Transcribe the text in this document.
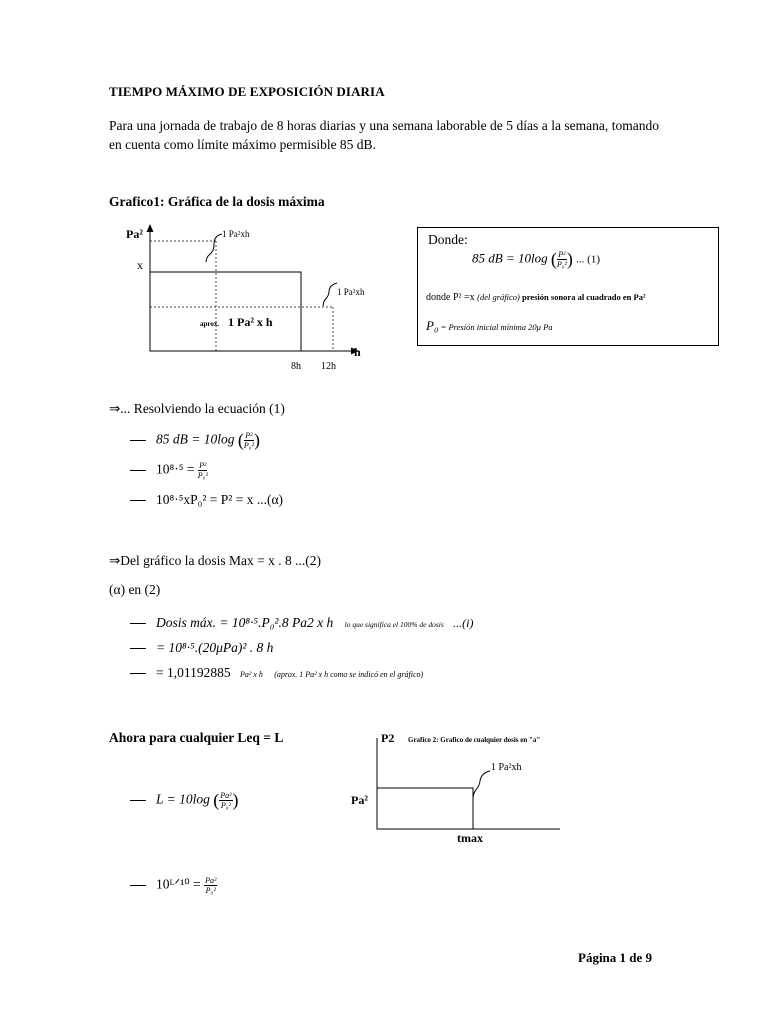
TIEMPO MÁXIMO DE EXPOSICIÓN DIARIA
Para una jornada de trabajo de 8 horas diarias y una semana laborable de 5 días a la semana, tomando en cuenta como límite máximo permisible 85 dB.
Grafico1: Gráfica de la dosis máxima
Pa²
x
1 Pa²xh
1 Pa²xh
aprox. 1 Pa² x h
8h 12h
h
Donde:
85 dB = 10log ( $\frac{\text{P²}}{\text{P₀²}}$ ) ... (1)
donde P² =x (del gráfico) presión sonora al cuadrado en Pa²
P₀ = Presión inicial mínima 20μ Pa
⇒... Resolviendo la ecuación (1)
85 dB = 10log ( $\frac{\text{P²}}{\text{P₀²}}$ )
$10^8\cdot^5 = \frac{\text{P²}}{\text{P₀²}}$
10⁸·⁵xP₀² = P² = x ...(α)
⇒Del gráfico la dosis Max = x . 8 ...(2)
(α) en (2)
Dosis máx. = 10⁸·⁵.P₀².8 Pa2 x h lo que significa el 100% de dosis ...(i)
= 10⁸·⁵.(20μPa)² . 8 h
= 1,01192885 Pa² x h (aprox. 1 Pa² x h como se indicó en el gráfico)
Ahora para cualquier Leq = L
L = 10log ( $\frac{\text{Pa²}}{\text{P₀²}}$ )
10ᴸᐟ¹⁰ = $\frac{\text{Pa²}}{\text{P₀²}}$
P2 Grafico 2: Grafico de cualquier dosis en "a"
1 Pa²xh
Pa²
tmax
Página 1 de 9
